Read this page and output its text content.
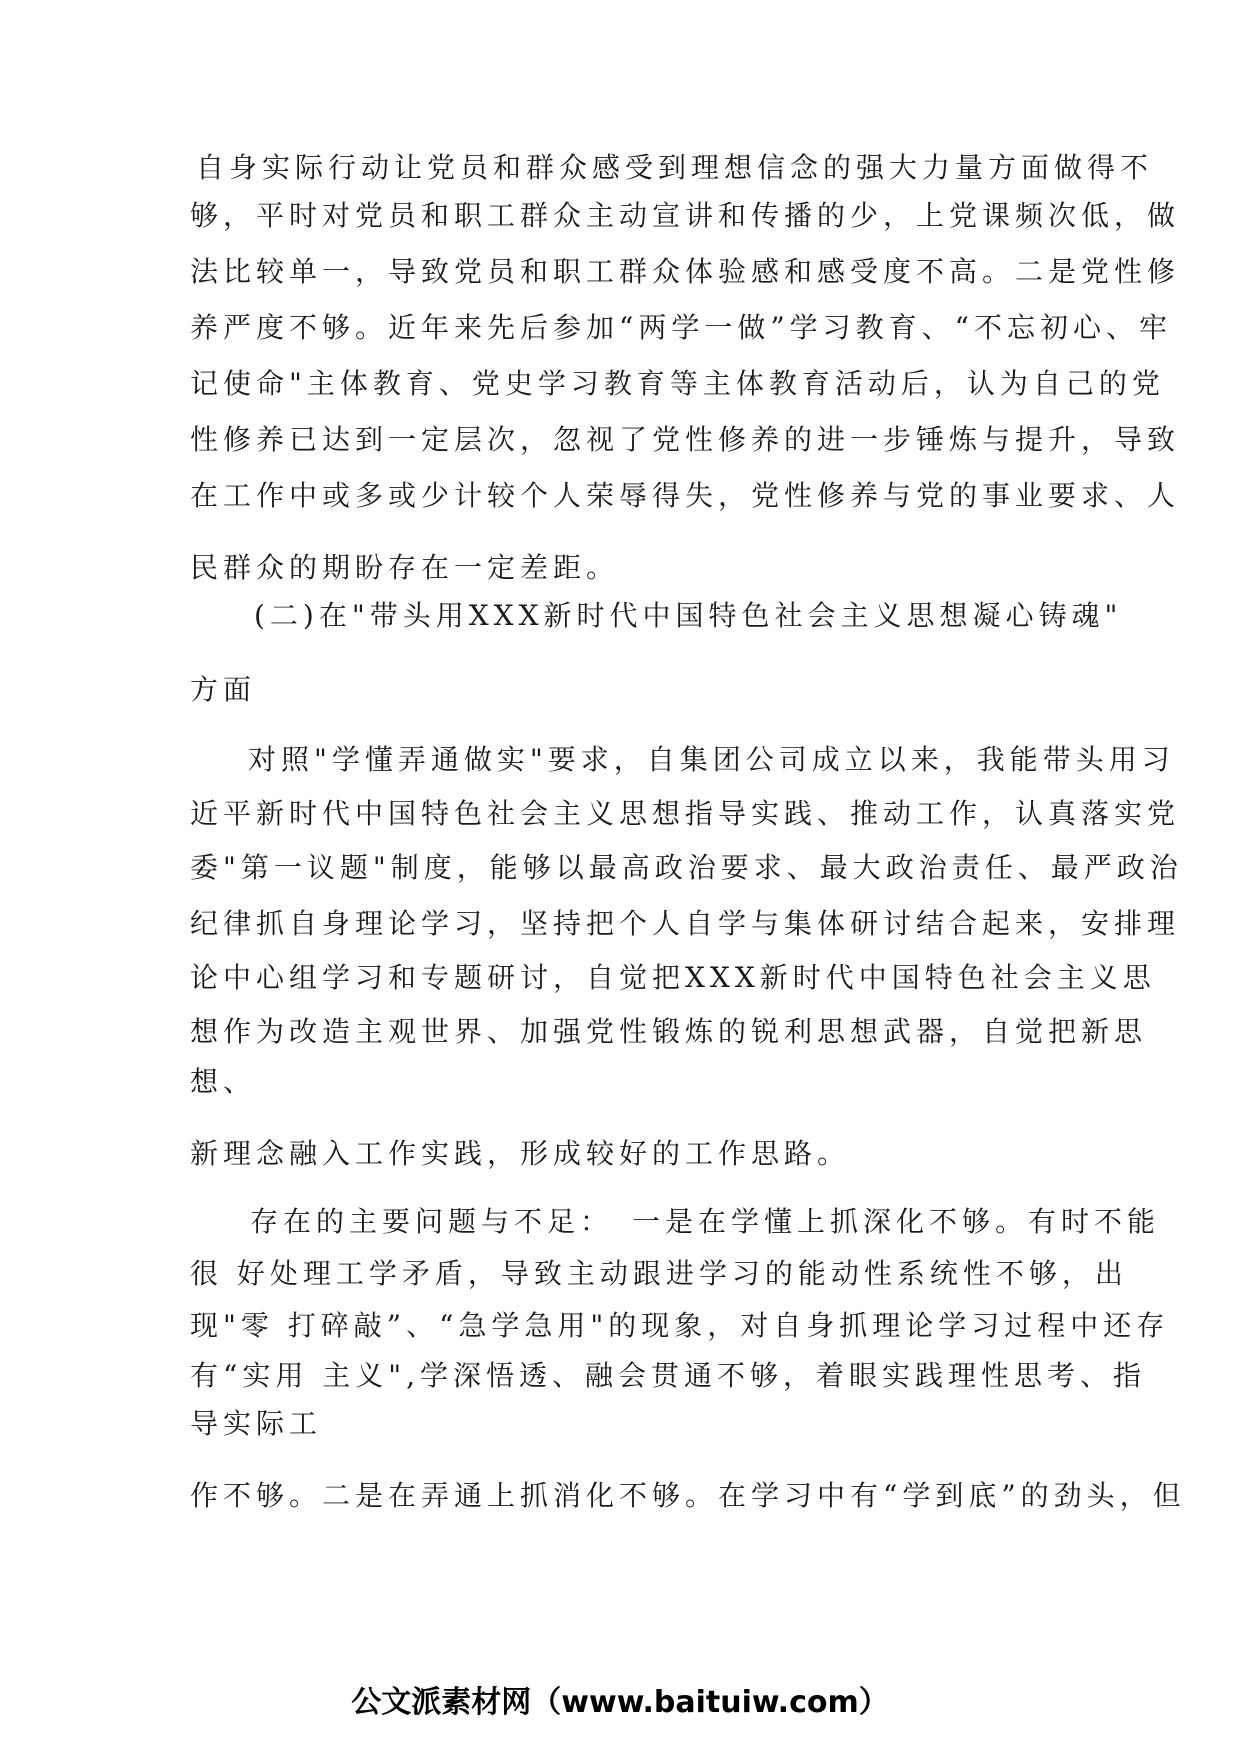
自身实际行动让党员和群众感受到理想信念的强大力量方面做得不
够，平时对党员和职工群众主动宣讲和传播的少，上党课频次低，做
法比较单一，导致党员和职工群众体验感和感受度不高。二是党性修
养严度不够。近年来先后参加“两学一做”学习教育、“不忘初心、牢
记使命"主体教育、党史学习教育等主体教育活动后，认为自己的党
性修养已达到一定层次，忽视了党性修养的进一步锤炼与提升，导致
在工作中或多或少计较个人荣辱得失，党性修养与党的事业要求、人
民群众的期盼存在一定差距。
(二)在"带头用XXX新时代中国特色社会主义思想凝心铸魂"
方面
对照"学懂弄通做实"要求，自集团公司成立以来，我能带头用习
近平新时代中国特色社会主义思想指导实践、推动工作，认真落实党
委"第一议题"制度，能够以最高政治要求、最大政治责任、最严政治
纪律抓自身理论学习，坚持把个人自学与集体研讨结合起来，安排理
论中心组学习和专题研讨，自觉把XXX新时代中国特色社会主义思
想作为改造主观世界、加强党性锻炼的锐利思想武器，自觉把新思
想、
新理念融入工作实践，形成较好的工作思路。
存在的主要问题与不足：　一是在学懂上抓深化不够。有时不能
很 好处理工学矛盾，导致主动跟进学习的能动性系统性不够，出
现"零 打碎敲”、“急学急用"的现象，对自身抓理论学习过程中还存
有“实用 主义",学深悟透、融会贯通不够，着眼实践理性思考、指
导实际工
作不够。二是在弄通上抓消化不够。在学习中有“学到底”的劲头，但
公文派素材网（www.baituiw.com）
